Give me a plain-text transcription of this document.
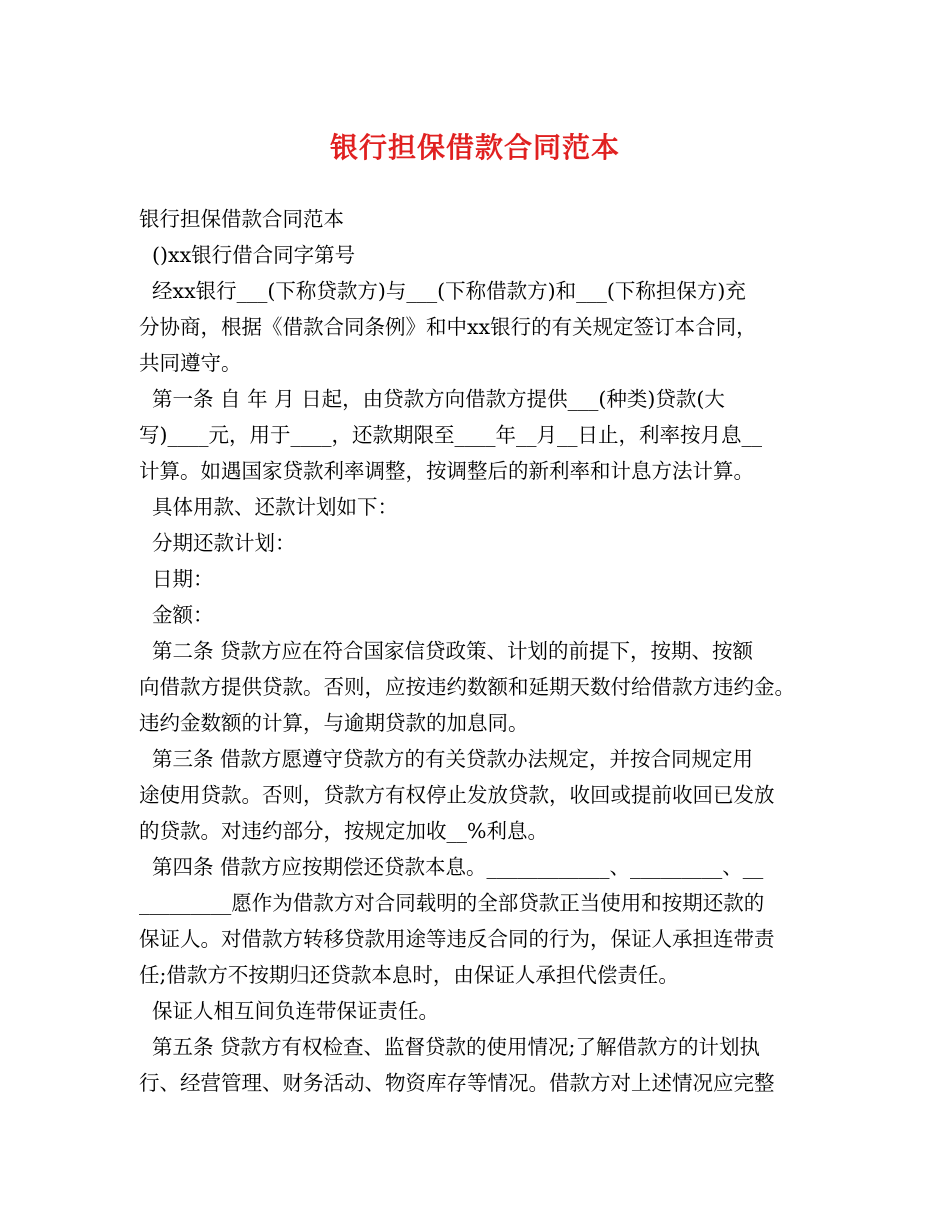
银行担保借款合同范本
银行担保借款合同范本
()xx银行借合同字第号
经xx银行___(下称贷款方)与___(下称借款方)和___(下称担保方)充
分协商，根据《借款合同条例》和中xx银行的有关规定签订本合同，
共同遵守。
第一条 自 年 月 日起，由贷款方向借款方提供___(种类)贷款(大
写)____元，用于____，还款期限至____年__月__日止，利率按月息__
计算。如遇国家贷款利率调整，按调整后的新利率和计息方法计算。
具体用款、还款计划如下：
分期还款计划：
日期：
金额：
第二条 贷款方应在符合国家信贷政策、计划的前提下，按期、按额
向借款方提供贷款。否则，应按违约数额和延期天数付给借款方违约金。
违约金数额的计算，与逾期贷款的加息同。
第三条 借款方愿遵守贷款方的有关贷款办法规定，并按合同规定用
途使用贷款。否则，贷款方有权停止发放贷款，收回或提前收回已发放
的贷款。对违约部分，按规定加收__%利息。
第四条 借款方应按期偿还贷款本息。____________、_________、__
_________愿作为借款方对合同载明的全部贷款正当使用和按期还款的
保证人。对借款方转移贷款用途等违反合同的行为，保证人承担连带责
任;借款方不按期归还贷款本息时，由保证人承担代偿责任。
保证人相互间负连带保证责任。
第五条 贷款方有权检查、监督贷款的使用情况;了解借款方的计划执
行、经营管理、财务活动、物资库存等情况。借款方对上述情况应完整
